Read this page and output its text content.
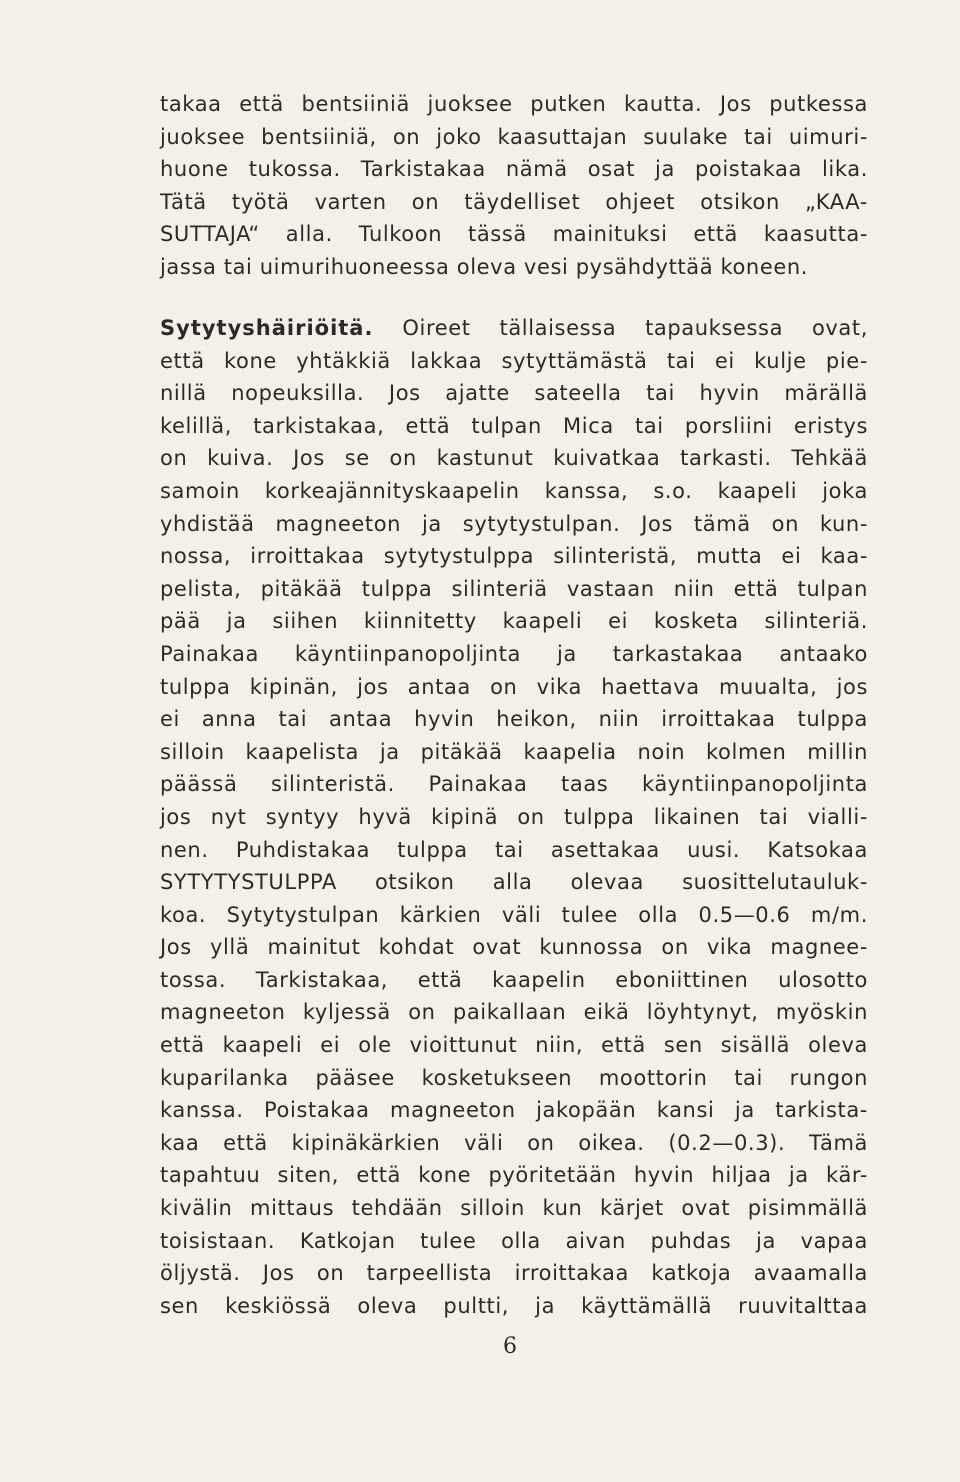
takaa että bentsiiniä juoksee putken kautta. Jos putkessa
juoksee bentsiiniä, on joko kaasuttajan suulake tai uimuri-
huone tukossa. Tarkistakaa nämä osat ja poistakaa lika.
Tätä työtä varten on täydelliset ohjeet otsikon „KAA-
SUTTAJA“ alla. Tulkoon tässä mainituksi että kaasutta-
jassa tai uimurihuoneessa oleva vesi pysähdyttää koneen.
Sytytyshäiriöitä. Oireet tällaisessa tapauksessa ovat,
että kone yhtäkkiä lakkaa sytyttämästä tai ei kulje pie-
nillä nopeuksilla. Jos ajatte sateella tai hyvin märällä
kelillä, tarkistakaa, että tulpan Mica tai porsliini eristys
on kuiva. Jos se on kastunut kuivatkaa tarkasti. Tehkää
samoin korkeajännityskaapelin kanssa, s.o. kaapeli joka
yhdistää magneeton ja sytytystulpan. Jos tämä on kun-
nossa, irroittakaa sytytystulppa silinteristä, mutta ei kaa-
pelista, pitäkää tulppa silinteriä vastaan niin että tulpan
pää ja siihen kiinnitetty kaapeli ei kosketa silinteriä.
Painakaa käyntiinpanopoljinta ja tarkastakaa antaako
tulppa kipinän, jos antaa on vika haettava muualta, jos
ei anna tai antaa hyvin heikon, niin irroittakaa tulppa
silloin kaapelista ja pitäkää kaapelia noin kolmen millin
päässä silinteristä. Painakaa taas käyntiinpanopoljinta
jos nyt syntyy hyvä kipinä on tulppa likainen tai vialli-
nen. Puhdistakaa tulppa tai asettakaa uusi. Katsokaa
SYTYTYSTULPPA otsikon alla olevaa suosittelutauluk-
koa. Sytytystulpan kärkien väli tulee olla 0.5—0.6 m/m.
Jos yllä mainitut kohdat ovat kunnossa on vika magnee-
tossa. Tarkistakaa, että kaapelin eboniittinen ulosotto
magneeton kyljessä on paikallaan eikä löyhtynyt, myöskin
että kaapeli ei ole vioittunut niin, että sen sisällä oleva
kuparilanka pääsee kosketukseen moottorin tai rungon
kanssa. Poistakaa magneeton jakopään kansi ja tarkista-
kaa että kipinäkärkien väli on oikea. (0.2—0.3). Tämä
tapahtuu siten, että kone pyöritetään hyvin hiljaa ja kär-
kivälin mittaus tehdään silloin kun kärjet ovat pisimmällä
toisistaan. Katkojan tulee olla aivan puhdas ja vapaa
öljystä. Jos on tarpeellista irroittakaa katkoja avaamalla
sen keskiössä oleva pultti, ja käyttämällä ruuvitalttaa
6
